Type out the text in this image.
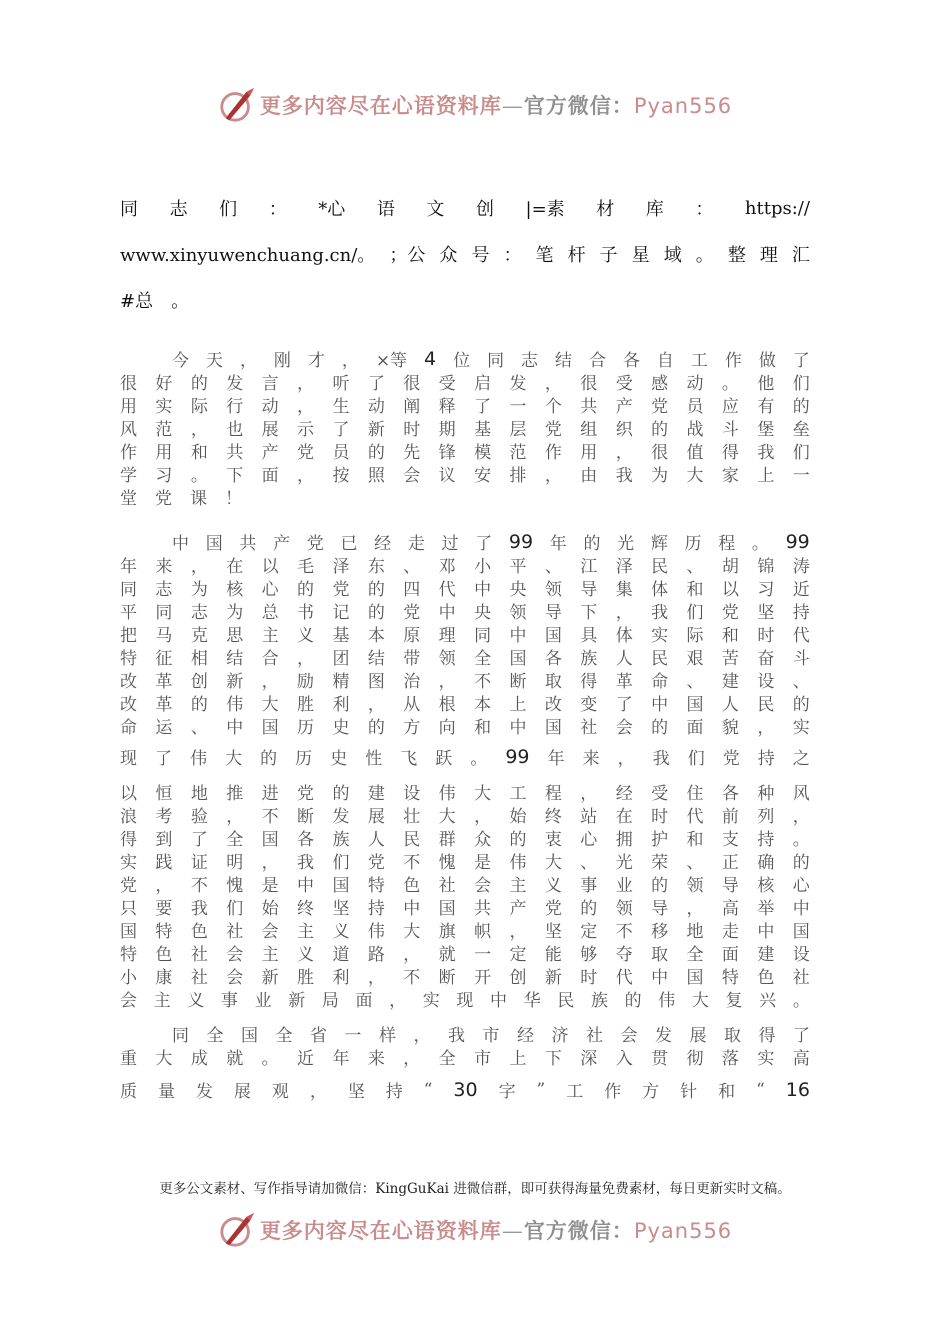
更多内容尽在心语资料库—官方微信：Pyan556
同 志 们 ： *心 语 文 创 |=素 材 库 ： https://
www.xinyuwenchuang.cn/。 ；公 众 号 ： 笔 杆 子 星 域 。 整 理 汇
#总 。
今 天 ， 刚 才 ， ×等 4 位 同 志 结 合 各 自 工 作 做 了
很 好 的 发 言 ， 听 了 很 受 启 发 ， 很 受 感 动 。 他 们
用 实 际 行 动 ， 生 动 阐 释 了 一 个 共 产 党 员 应 有 的
风 范 ， 也 展 示 了 新 时 期 基 层 党 组 织 的 战 斗 堡 垒
作 用 和 共 产 党 员 的 先 锋 模 范 作 用 ， 很 值 得 我 们
学 习 。 下 面 ， 按 照 会 议 安 排 ， 由 我 为 大 家 上 一
堂 党 课 ！
中 国 共 产 党 已 经 走 过 了 99 年 的 光 辉 历 程 。 99
年 来 ， 在 以 毛 泽 东 、 邓 小 平 、 江 泽 民 、 胡 锦 涛
同 志 为 核 心 的 党 的 四 代 中 央 领 导 集 体 和 以 习 近
平 同 志 为 总 书 记 的 党 中 央 领 导 下 ， 我 们 党 坚 持
把 马 克 思 主 义 基 本 原 理 同 中 国 具 体 实 际 和 时 代
特 征 相 结 合 ， 团 结 带 领 全 国 各 族 人 民 艰 苦 奋 斗
改 革 创 新 ， 励 精 图 治 ， 不 断 取 得 革 命 、 建 设 、
改 革 的 伟 大 胜 利 ， 从 根 本 上 改 变 了 中 国 人 民 的
命 运 、 中 国 历 史 的 方 向 和 中 国 社 会 的 面 貌 ， 实
现 了 伟 大 的 历 史 性 飞 跃 。 99 年 来 ， 我 们 党 持 之
以 恒 地 推 进 党 的 建 设 伟 大 工 程 ， 经 受 住 各 种 风
浪 考 验 ， 不 断 发 展 壮 大 ， 始 终 站 在 时 代 前 列 ，
得 到 了 全 国 各 族 人 民 群 众 的 衷 心 拥 护 和 支 持 。
实 践 证 明 ， 我 们 党 不 愧 是 伟 大 、 光 荣 、 正 确 的
党 ， 不 愧 是 中 国 特 色 社 会 主 义 事 业 的 领 导 核 心
只 要 我 们 始 终 坚 持 中 国 共 产 党 的 领 导 ， 高 举 中
国 特 色 社 会 主 义 伟 大 旗 帜 ， 坚 定 不 移 地 走 中 国
特 色 社 会 主 义 道 路 ， 就 一 定 能 够 夺 取 全 面 建 设
小 康 社 会 新 胜 利 ， 不 断 开 创 新 时 代 中 国 特 色 社
会 主 义 事 业 新 局 面 ， 实 现 中 华 民 族 的 伟 大 复 兴 。
同 全 国 全 省 一 样 ， 我 市 经 济 社 会 发 展 取 得 了
重 大 成 就 。 近 年 来 ， 全 市 上 下 深 入 贯 彻 落 实 高
质 量 发 展 观 ， 坚 持 “ 30 字 ” 工 作 方 针 和 “ 16
更多公文素材、写作指导请加微信：KingGuKai 进微信群，即可获得海量免费素材，每日更新实时文稿。
更多内容尽在心语资料库—官方微信：Pyan556
